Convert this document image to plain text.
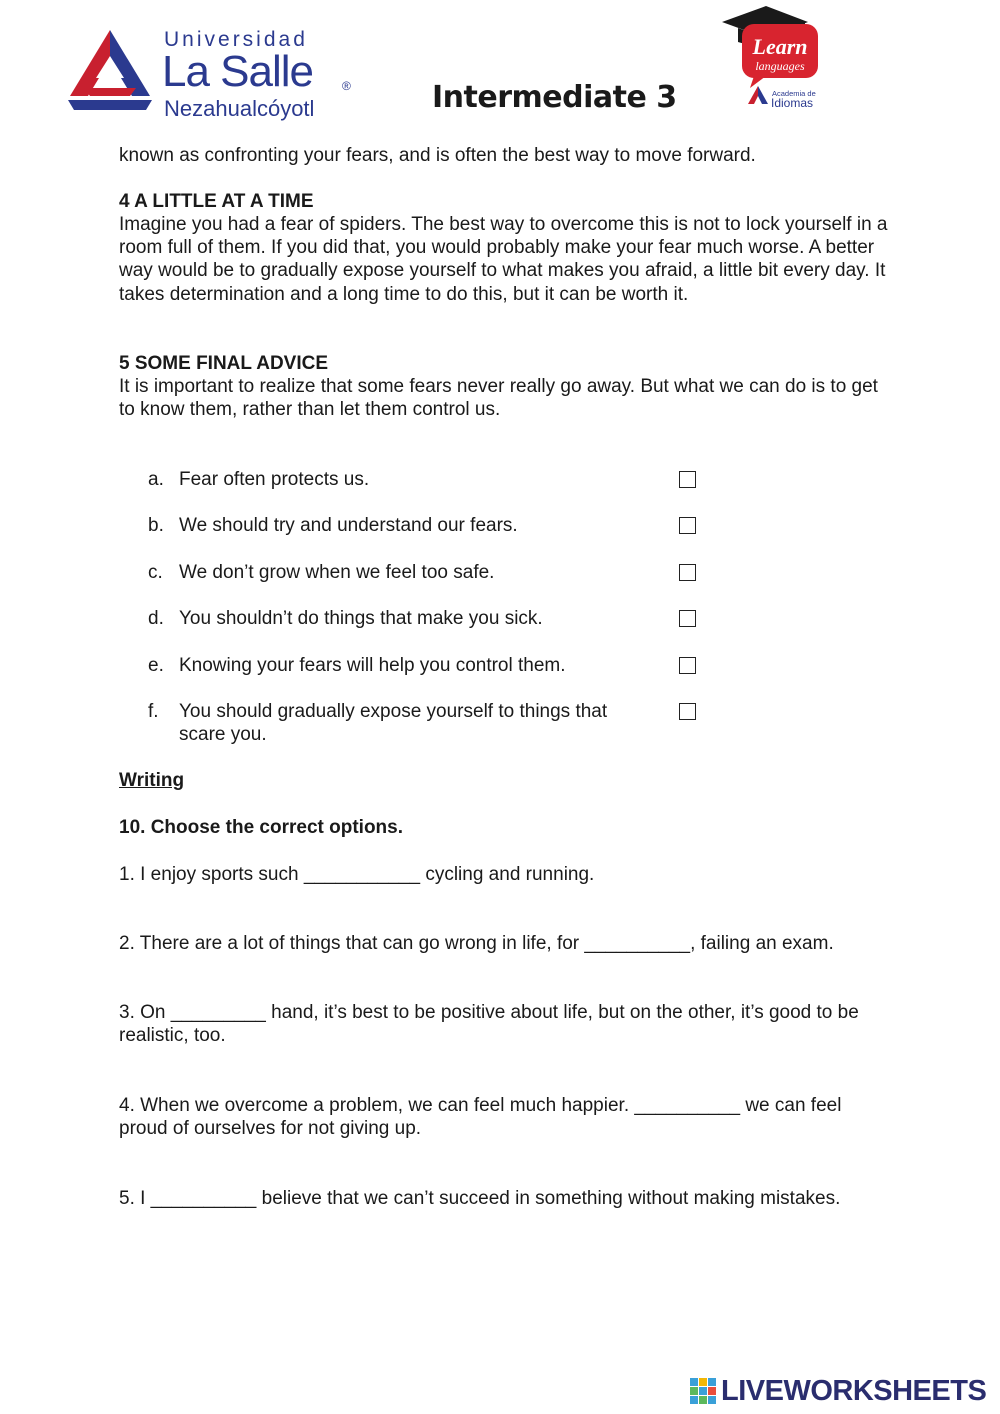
Universidad
La Salle ®
Nezahualcóyotl	Intermediate 3
Learn
languages
Academia de
Idiomas

known as confronting your fears, and is often the best way to move forward.

4 A LITTLE AT A TIME

Imagine you had a fear of spiders. The best way to overcome this is not to lock yourself in a room full of them. If you did that, you would probably make your fear much worse. A better way would be to gradually expose yourself to what makes you afraid, a little bit every day. It takes determination and a long time to do this, but it can be worth it.

5 SOME FINAL ADVICE

It is important to realize that some fears never really go away. But what we can do is to get to know them, rather than let them control us.

a. Fear often protects us.
b. We should try and understand our fears.
c. We don’t grow when we feel too safe.
d. You shouldn’t do things that make you sick.
e. Knowing your fears will help you control them.
f. You should gradually expose yourself to things that scare you.
Writing
10. Choose the correct options.

1. I enjoy sports such ___________ cycling and running.

2. There are a lot of things that can go wrong in life, for __________, failing an exam.

3. On _________ hand, it’s best to be positive about life, but on the other, it’s good to be realistic, too.

4. When we overcome a problem, we can feel much happier. __________ we can feel proud of ourselves for not giving up.

5. I __________ believe that we can’t succeed in something without making mistakes.

LIVEWORKSHEETS
